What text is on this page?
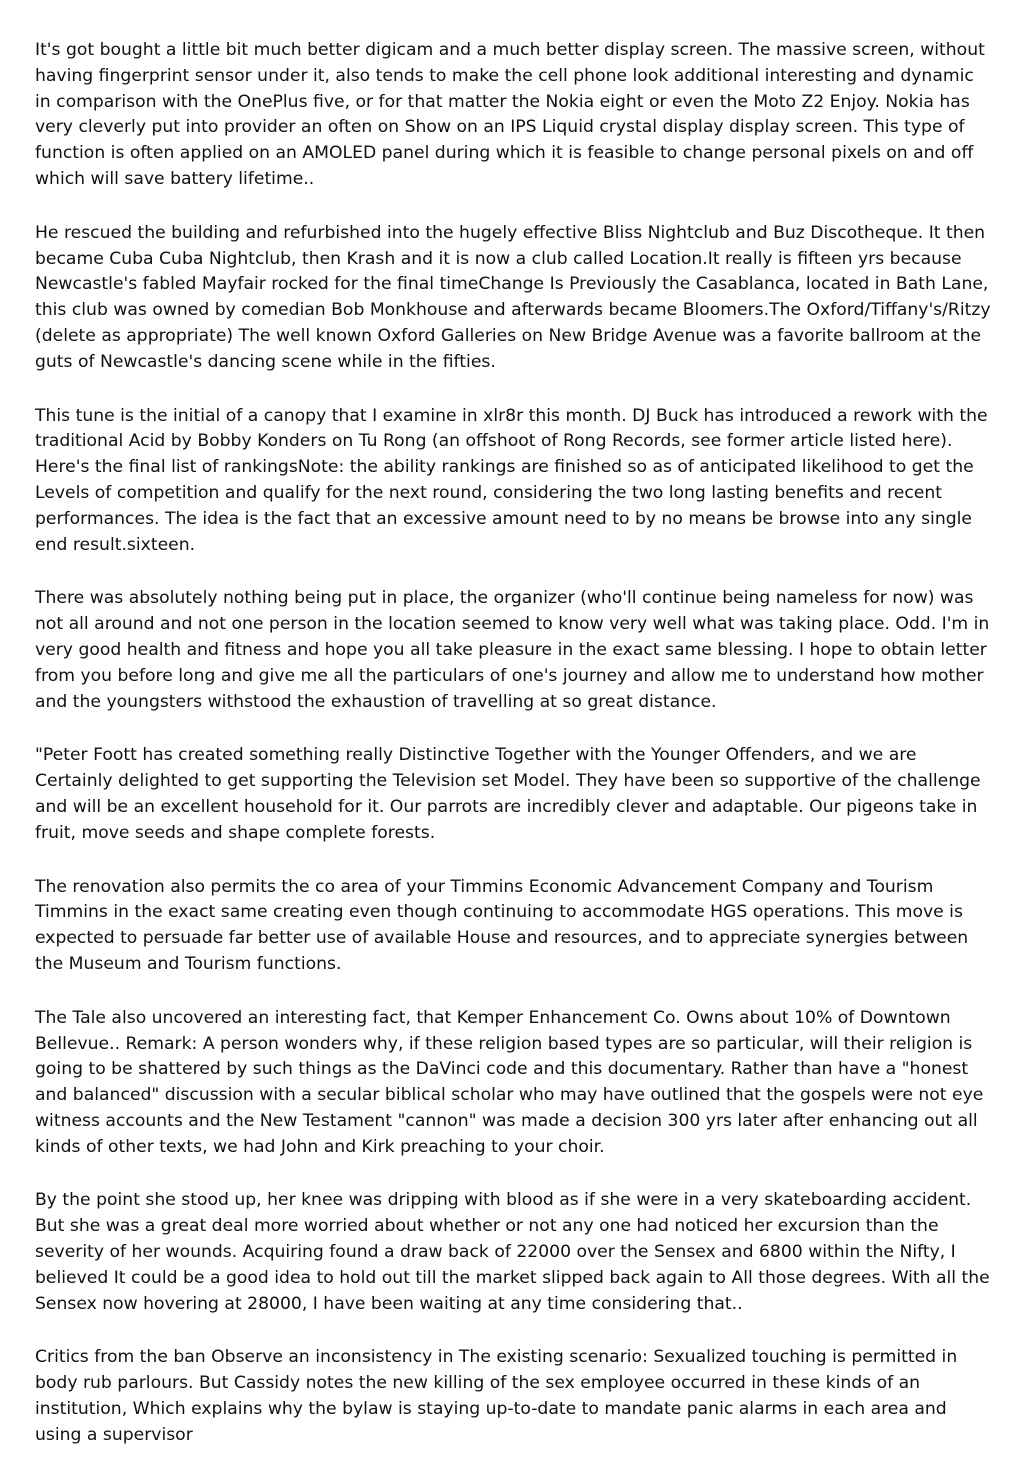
It's got bought a little bit much better digicam and a much better display screen. The massive screen, without having fingerprint sensor under it, also tends to make the cell phone look additional interesting and dynamic in comparison with the OnePlus five, or for that matter the Nokia eight or even the Moto Z2 Enjoy. Nokia has very cleverly put into provider an often on Show on an IPS Liquid crystal display display screen. This type of function is often applied on an AMOLED panel during which it is feasible to change personal pixels on and off which will save battery lifetime..

He rescued the building and refurbished into the hugely effective Bliss Nightclub and Buz Discotheque. It then became Cuba Cuba Nightclub, then Krash and it is now a club called Location.It really is fifteen yrs because Newcastle's fabled Mayfair rocked for the final timeChange Is Previously the Casablanca, located in Bath Lane, this club was owned by comedian Bob Monkhouse and afterwards became Bloomers.The Oxford/Tiffany's/Ritzy (delete as appropriate) The well known Oxford Galleries on New Bridge Avenue was a favorite ballroom at the guts of Newcastle's dancing scene while in the fifties.

This tune is the initial of a canopy that I examine in xlr8r this month. DJ Buck has introduced a rework with the traditional Acid by Bobby Konders on Tu Rong (an offshoot of Rong Records, see former article listed here). Here's the final list of rankingsNote: the ability rankings are finished so as of anticipated likelihood to get the Levels of competition and qualify for the next round, considering the two long lasting benefits and recent performances. The idea is the fact that an excessive amount need to by no means be browse into any single end result.sixteen.

There was absolutely nothing being put in place, the organizer (who'll continue being nameless for now) was not all around and not one person in the location seemed to know very well what was taking place. Odd. I'm in very good health and fitness and hope you all take pleasure in the exact same blessing. I hope to obtain letter from you before long and give me all the particulars of one's journey and allow me to understand how mother and the youngsters withstood the exhaustion of travelling at so great distance.

"Peter Foott has created something really Distinctive Together with the Younger Offenders, and we are Certainly delighted to get supporting the Television set Model. They have been so supportive of the challenge and will be an excellent household for it. Our parrots are incredibly clever and adaptable. Our pigeons take in fruit, move seeds and shape complete forests.

The renovation also permits the co area of your Timmins Economic Advancement Company and Tourism Timmins in the exact same creating even though continuing to accommodate HGS operations. This move is expected to persuade far better use of available House and resources, and to appreciate synergies between the Museum and Tourism functions.

The Tale also uncovered an interesting fact, that Kemper Enhancement Co. Owns about 10% of Downtown Bellevue.. Remark: A person wonders why, if these religion based types are so particular, will their religion is going to be shattered by such things as the DaVinci code and this documentary. Rather than have a "honest and balanced" discussion with a secular biblical scholar who may have outlined that the gospels were not eye witness accounts and the New Testament "cannon" was made a decision 300 yrs later after enhancing out all kinds of other texts, we had John and Kirk preaching to your choir.

By the point she stood up, her knee was dripping with blood as if she were in a very skateboarding accident. But she was a great deal more worried about whether or not any one had noticed her excursion than the severity of her wounds. Acquiring found a draw back of 22000 over the Sensex and 6800 within the Nifty, I believed It could be a good idea to hold out till the market slipped back again to All those degrees. With all the Sensex now hovering at 28000, I have been waiting at any time considering that..

Critics from the ban Observe an inconsistency in The existing scenario: Sexualized touching is permitted in body rub parlours. But Cassidy notes the new killing of the sex employee occurred in these kinds of an institution, Which explains why the bylaw is staying up-to-date to mandate panic alarms in each area and using a supervisor
